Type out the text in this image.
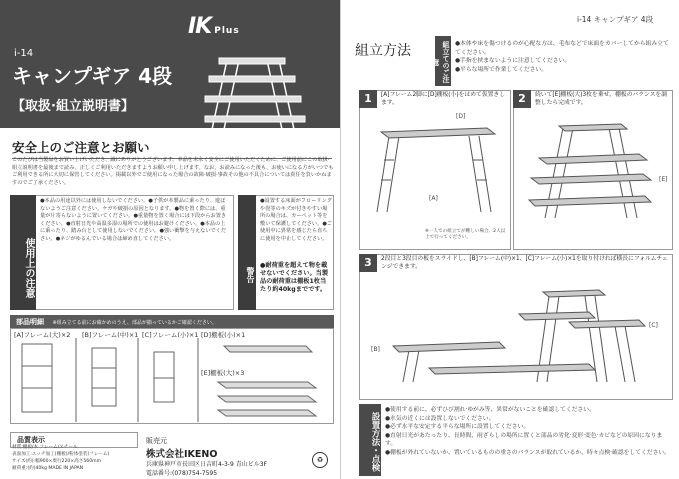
IK Plus
i-14
キャンプギア 4段
【取扱·組立説明書】
安全上のご注意とお願い
このたびは当製品をお買い上げいただき、誠にありがとうございます。本品を末永く安全にご使用いただくために、ご使用前にこの取扱·組立説明書を最後まで読み、正しくご利用いただきますようお願い申し上げます。なお、お読みになった後も、お使いになる方がいつでもご利用できる所に大切に保管してください。掲載以外でご使用になった場合の故障·破損·事故その他の不具合については責任を負いかねますのでご了承ください。
使用上の注意
●本品の用途以外には使用しないでください。●子供が本製品に乗ったり、遊ばないようご注意ください。ケガや破損の原因となります。●物を置く際には、重量が片寄らないように置いてください。●重量物を置く場合には下段からお置きください。●直射日光や高温多湿の場所での使用はお避けください。●本品の上に乗ったり、踏み台として使用しないでください。●強い衝撃を与えないでください。●ネジがゆるんでいる場合は締め直してください。
警告
●設置する床面がフローリングや畳等のキズが付きやすい場所の場合は、カーペット等を敷いて保護してください。●ご使用中に異常を感じたら直ちに使用を中止してください。
●耐荷重を超えて物を載せないでください。当製品の耐荷重は棚板1枚当たり約40kgまでです。
部品明細 ※組み立てる前にお確かめのうえ、部品が揃っているかご確認ください。
[A]フレーム(大)×2 [B]フレーム(中)×1 [C]フレーム(小)×1 [D]棚板(小)×1
[E]棚板(大)×3
品質表示
材質:棚板/木 フレーム/スチール
表面加工:エッチ加工(棚板)/粉体塗装(フレーム)
サイズ(約):幅900×奥行220×高さ560mm
耐荷重:(約)40kg MADE IN JAPAN
販売元
株式会社IKENO
兵庫県神戸市長田区日吉町4-3-9 青山ビル3F
電話番号:(078)754-7595
♻
i-14 キャンプギア 4段
組立方法	組立てのご注意
●本体や床を傷つけるのが心配な方は、毛布などで床面をカバーしてから組み立ててください。
●手指を挟まないように注意してください。
●平らな場所で作業してください。
1	[A]フレーム2脚に[D]棚板(小)をはめて仮置きします。
[D]
[A]
※一人での組立てが難しい場合、2人以上で行ってください。
2	続いて[E]棚板(大)3枚を乗せ、棚板のバランスを調整したら完成です。
[E]
3	2段目と3段目の板をスライドし、[B]フレーム(中)×1、[C]フレーム(小)×1を取り付ければ横長にフォルムチェンジできます。
[B]
[C]
設置方法・点検
●使用する前に、必ずひび割れ·ゆがみ等、異常がないことを確認してください。
●水気の近くには設置しないでください。
●必ず水平な安定する平らな場所に設置してください。
●直射日光があたったり、長時間、雨ざらしの場所に置くと部品の劣化·変形·変色·カビなどの原因になります。
●棚板が外れていないか、置いているものの重さのバランスが取れているか、時々点検·確認をしてください。
